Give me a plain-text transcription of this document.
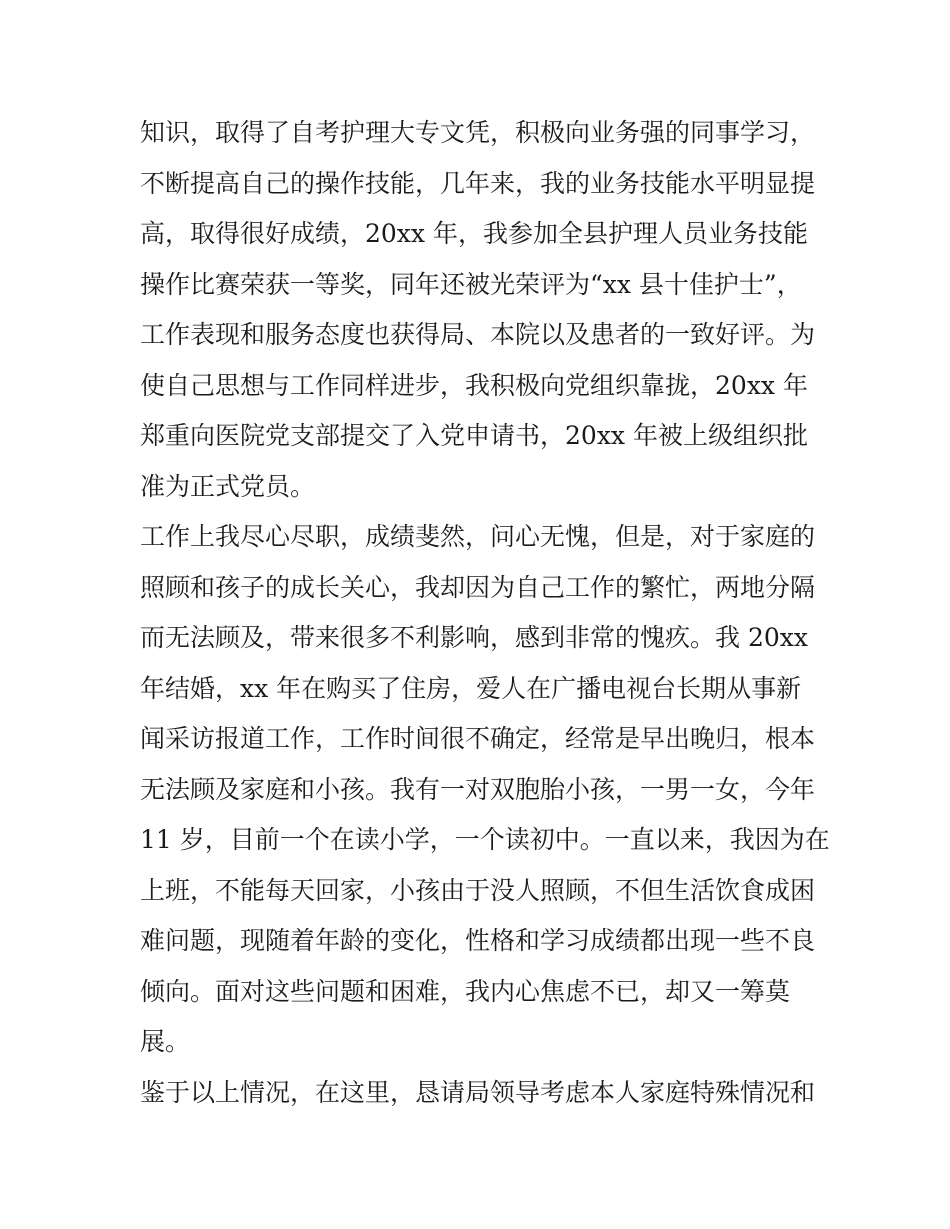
知识，取得了自考护理大专文凭，积极向业务强的同事学习，
不断提高自己的操作技能，几年来，我的业务技能水平明显提
高，取得很好成绩，20xx 年，我参加全县护理人员业务技能
操作比赛荣获一等奖，同年还被光荣评为“xx 县十佳护士”，
工作表现和服务态度也获得局、本院以及患者的一致好评。为
使自己思想与工作同样进步，我积极向党组织靠拢，20xx 年
郑重向医院党支部提交了入党申请书，20xx 年被上级组织批
准为正式党员。
工作上我尽心尽职，成绩斐然，问心无愧，但是，对于家庭的
照顾和孩子的成长关心，我却因为自己工作的繁忙，两地分隔
而无法顾及，带来很多不利影响，感到非常的愧疚。我 20xx
年结婚，xx 年在购买了住房，爱人在广播电视台长期从事新
闻采访报道工作，工作时间很不确定，经常是早出晚归，根本
无法顾及家庭和小孩。我有一对双胞胎小孩，一男一女，今年
11 岁，目前一个在读小学，一个读初中。一直以来，我因为在
上班，不能每天回家，小孩由于没人照顾，不但生活饮食成困
难问题，现随着年龄的变化，性格和学习成绩都出现一些不良
倾向。面对这些问题和困难，我内心焦虑不已，却又一筹莫
展。
鉴于以上情况，在这里，恳请局领导考虑本人家庭特殊情况和
